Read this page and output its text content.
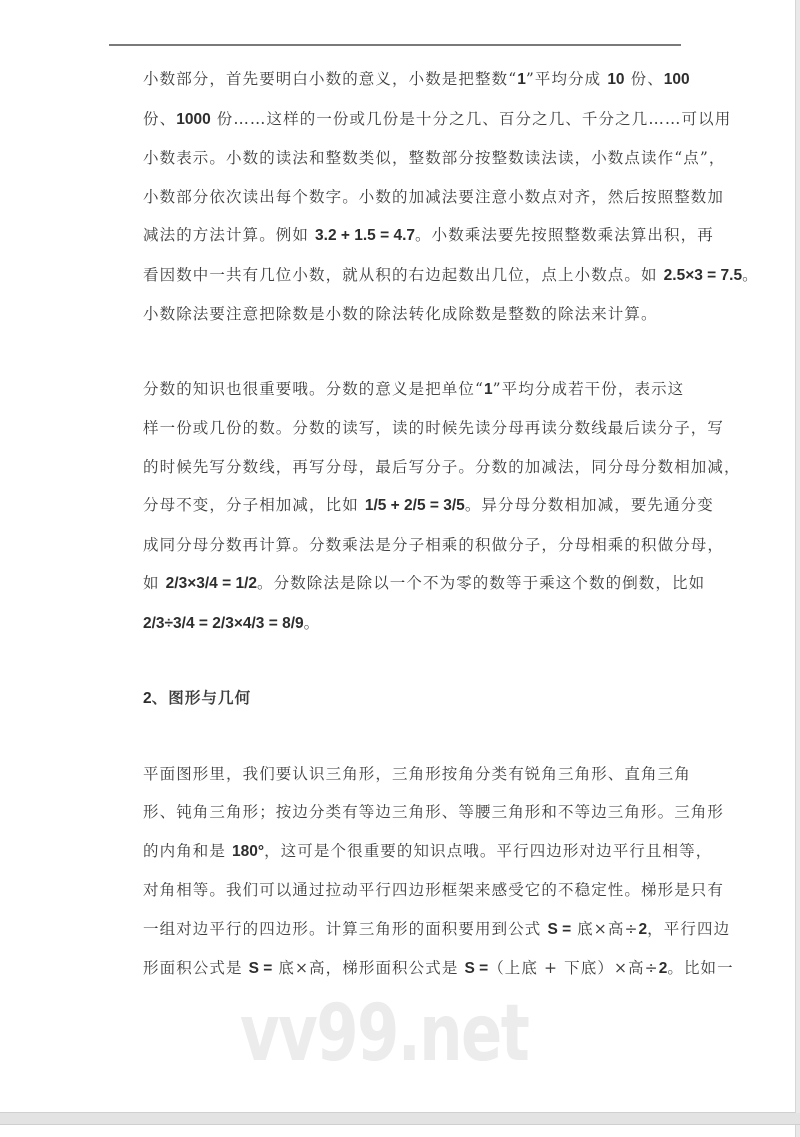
小数部分，首先要明白小数的意义，小数是把整数“1”平均分成 10 份、100
份、1000 份……这样的一份或几份是十分之几、百分之几、千分之几……可以用
小数表示。小数的读法和整数类似，整数部分按整数读法读，小数点读作“点”，
小数部分依次读出每个数字。小数的加减法要注意小数点对齐，然后按照整数加
减法的方法计算。例如 3.2 + 1.5 = 4.7。小数乘法要先按照整数乘法算出积，再
看因数中一共有几位小数，就从积的右边起数出几位，点上小数点。如 2.5×3 = 7.5。
小数除法要注意把除数是小数的除法转化成除数是整数的除法来计算。

分数的知识也很重要哦。分数的意义是把单位“1”平均分成若干份，表示这
样一份或几份的数。分数的读写，读的时候先读分母再读分数线最后读分子，写
的时候先写分数线，再写分母，最后写分子。分数的加减法，同分母分数相加减，
分母不变，分子相加减，比如 1/5 + 2/5 = 3/5。异分母分数相加减，要先通分变
成同分母分数再计算。分数乘法是分子相乘的积做分子，分母相乘的积做分母，
如 2/3×3/4 = 1/2。分数除法是除以一个不为零的数等于乘这个数的倒数，比如
2/3÷3/4 = 2/3×4/3 = 8/9。

2、图形与几何

平面图形里，我们要认识三角形，三角形按角分类有锐角三角形、直角三角
形、钝角三角形；按边分类有等边三角形、等腰三角形和不等边三角形。三角形
的内角和是 180°，这可是个很重要的知识点哦。平行四边形对边平行且相等，
对角相等。我们可以通过拉动平行四边形框架来感受它的不稳定性。梯形是只有
一组对边平行的四边形。计算三角形的面积要用到公式 S = 底×高÷2，平行四边
形面积公式是 S = 底×高，梯形面积公式是 S =（上底 + 下底）×高÷2。比如一

vv99.net
